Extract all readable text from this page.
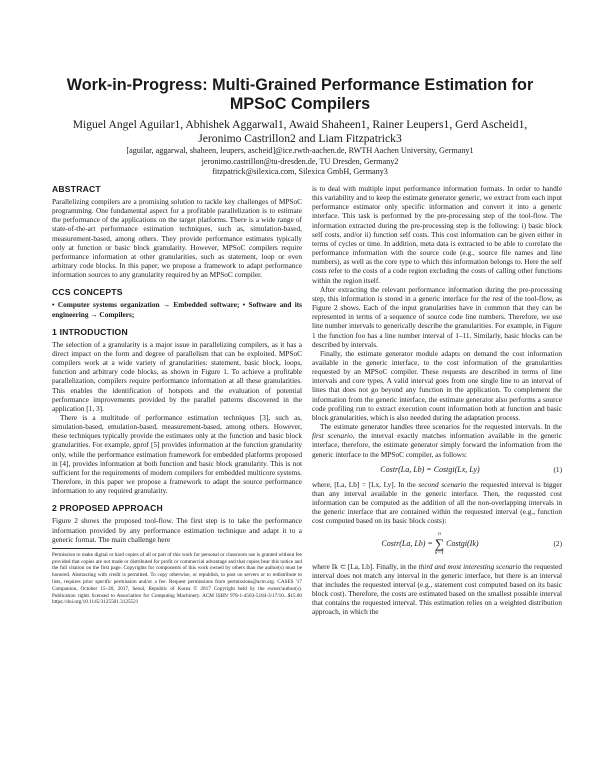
Work-in-Progress: Multi-Grained Performance Estimation for MPSoC Compilers
Miguel Angel Aguilar1, Abhishek Aggarwal1, Awaid Shaheen1, Rainer Leupers1, Gerd Ascheid1,
Jeronimo Castrillon2 and Liam Fitzpatrick3
[aguilar, aggarwal, shaheen, leupers, ascheid]@ice.rwth-aachen.de, RWTH Aachen University, Germany1
jeronimo.castrillon@tu-dresden.de, TU Dresden, Germany2
fitzpatrick@silexica.com, Silexica GmbH, Germany3
ABSTRACT

Parallelizing compilers are a promising solution to tackle key challenges of MPSoC programming. One fundamental aspect for a profitable parallelization is to estimate the performance of the applications on the target platforms. There is a wide range of state-of-the-art performance estimation techniques, such as, simulation-based, measurement-based, among others. They provide performance estimates typically only at function or basic block granularity. However, MPSoC compilers require performance information at other granularities, such as statement, loop or even arbitrary code blocks. In this paper, we propose a framework to adapt performance information sources to any granularity required by an MPSoC compiler.

CCS CONCEPTS

• Computer systems organization → Embedded software; • Software and its engineering → Compilers;

1 INTRODUCTION

The selection of a granularity is a major issue in parallelizing compilers, as it has a direct impact on the form and degree of parallelism that can be exploited. MPSoC compilers work at a wide variety of granularities: statement, basic block, loops, function and arbitrary code blocks, as shown in Figure 1. To achieve a profitable parallelization, compilers require performance information at all these granularities. This enables the identification of hotspots and the evaluation of potential performance improvements provided by the parallel patterns discovered in the application [1, 3].

There is a multitude of performance estimation techniques [3], such as, simulation-based, emulation-based, measurement-based, among others. However, these techniques typically provide the estimates only at the function and basic block granularities. For example, gprof [5] provides information at the function granularity only, while the performance estimation framework for embedded platforms proposed in [4], provides information at both function and basic block granularity. This is not sufficient for the requirements of modern compilers for embedded multicore systems. Therefore, in this paper we propose a framework to adapt the source performance information to any required granularity.

2 PROPOSED APPROACH

Figure 2 shows the proposed tool-flow. The first step is to take the performance information provided by any performance estimation technique and adapt it to a generic format. The main challenge here

Permission to make digital or hard copies of all or part of this work for personal or classroom use is granted without fee provided that copies are not made or distributed for profit or commercial advantage and that copies bear this notice and the full citation on the first page. Copyrights for components of this work owned by others than the author(s) must be honored. Abstracting with credit is permitted. To copy otherwise, or republish, to post on servers or to redistribute to lists, requires prior specific permission and/or a fee. Request permissions from permissions@acm.org. CASES '17 Companion, October 15–20, 2017, Seoul, Republic of Korea © 2017 Copyright held by the owner/author(s). Publication rights licensed to Association for Computing Machinery. ACM ISBN 978-1-4503-5184-3/17/10...$15.00 https://doi.org/10.1145/3125501.3125521

is to deal with multiple input performance information formats. In order to handle this variability and to keep the estimate generator generic, we extract from each input performance estimator only specific information and convert it into a generic interface. This task is performed by the pre-processing step of the tool-flow. The information extracted during the pre-processing step is the following: i) basic block self costs, and/or ii) function self costs. This cost information can be given either in terms of cycles or time. In addition, meta data is extracted to be able to correlate the performance information with the source code (e.g., source file names and line numbers), as well as the core type to which this information belongs to. Here the self costs refer to the costs of a code region excluding the costs of calling other functions within the region itself.

After extracting the relevant performance information during the pre-processing step, this information is stored in a generic interface for the rest of the tool-flow, as Figure 2 shows. Each of the input granularities have in common that they can be represented in terms of a sequence of source code line numbers. Therefore, we use line number intervals to generically describe the granularities. For example, in Figure 1 the function foo has a line number interval of 1–11. Similarly, basic blocks can be described by intervals.

Finally, the estimate generator module adapts on demand the cost information available in the generic interface, to the cost information of the granularities requested by an MPSoC compiler. These requests are described in terms of line intervals and core types. A valid interval goes from one single line to an interval of lines that does not go beyond any function in the application. To complement the information from the generic interface, the estimate generator also performs a source code profiling run to extract execution count information both at function and basic block granularities, which is also needed during the adaptation process.

The estimate generator handles three scenarios for the requested intervals. In the first scenario, the interval exactly matches information available in the generic interface, therefore, the estimate generator simply forward the information from the generic interface to the MPSoC compiler, as follows:

Costr(La, Lb) = Costgi(Lx, Ly)	(1)

where, [La, Lb] = [Lx, Ly]. In the second scenario the requested interval is bigger than any interval available in the generic interface. Then, the requested cost information can be computed as the addition of all the non-overlapping intervals in the generic interface that are contained within the requested interval (e.g., function cost computed based on its basic block costs):

Costr(La, Lb) =
n
∑
k=1
Costgi(Ik)	(2)

where Ik ⊂ [La, Lb]. Finally, in the third and most interesting scenario the requested interval does not match any interval in the generic interface, but there is an interval that includes the requested interval (e.g., statement cost computed based on its basic block cost). Therefore, the costs are estimated based on the smallest possible interval that contains the requested interval. This estimation relies on a weighted distribution approach, in which the
